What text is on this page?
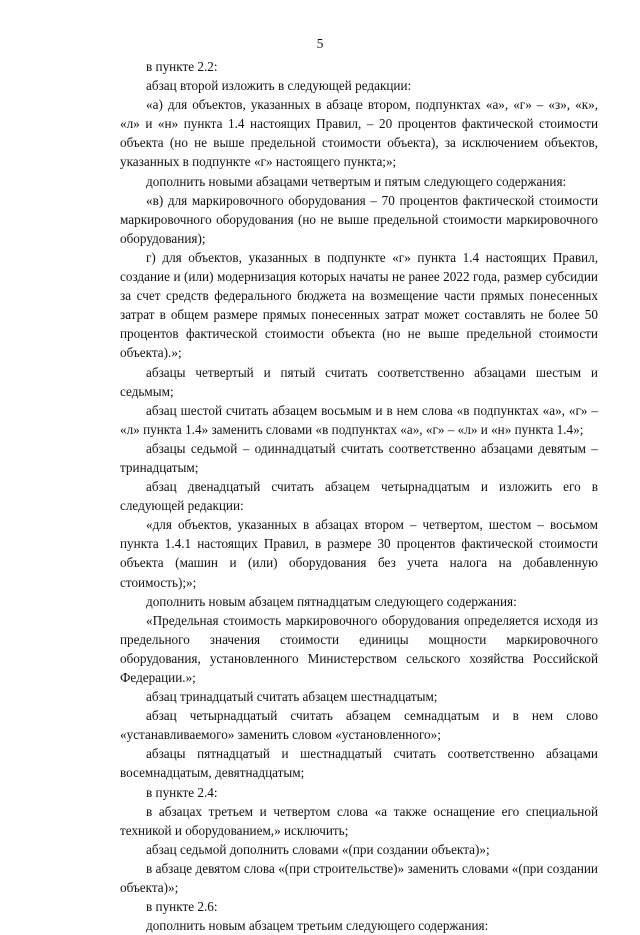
5

в пункте 2.2:

абзац второй изложить в следующей редакции:

«а) для объектов, указанных в абзаце втором, подпунктах «а», «г» – «з», «к», «л» и «н» пункта 1.4 настоящих Правил, – 20 процентов фактической стоимости объекта (но не выше предельной стоимости объекта), за исключением объектов, указанных в подпункте «г» настоящего пункта;»;

дополнить новыми абзацами четвертым и пятым следующего содержания:

«в) для маркировочного оборудования – 70 процентов фактической стоимости маркировочного оборудования (но не выше предельной стоимости маркировочного оборудования);

г) для объектов, указанных в подпункте «г» пункта 1.4 настоящих Правил, создание и (или) модернизация которых начаты не ранее 2022 года, размер субсидии за счет средств федерального бюджета на возмещение части прямых понесенных затрат в общем размере прямых понесенных затрат может составлять не более 50 процентов фактической стоимости объекта (но не выше предельной стоимости объекта).»;

абзацы четвертый и пятый считать соответственно абзацами шестым и седьмым;

абзац шестой считать абзацем восьмым и в нем слова «в подпунктах «а», «г» – «л» пункта 1.4» заменить словами «в подпунктах «а», «г» – «л» и «н» пункта 1.4»;

абзацы седьмой – одиннадцатый считать соответственно абзацами девятым – тринадцатым;

абзац двенадцатый считать абзацем четырнадцатым и изложить его в следующей редакции:

«для объектов, указанных в абзацах втором – четвертом, шестом – восьмом пункта 1.4.1 настоящих Правил, в размере 30 процентов фактической стоимости объекта (машин и (или) оборудования без учета налога на добавленную стоимость);»;

дополнить новым абзацем пятнадцатым следующего содержания:

«Предельная стоимость маркировочного оборудования определяется исходя из предельного значения стоимости единицы мощности маркировочного оборудования, установленного Министерством сельского хозяйства Российской Федерации.»;

абзац тринадцатый считать абзацем шестнадцатым;

абзац четырнадцатый считать абзацем семнадцатым и в нем слово «устанавливаемого» заменить словом «установленного»;

абзацы пятнадцатый и шестнадцатый считать соответственно абзацами восемнадцатым, девятнадцатым;

в пункте 2.4:

в абзацах третьем и четвертом слова «а также оснащение его специальной техникой и оборудованием,» исключить;

абзац седьмой дополнить словами «(при создании объекта)»;

в абзаце девятом слова «(при строительстве)» заменить словами «(при создании объекта)»;

в пункте 2.6:

дополнить новым абзацем третьим следующего содержания:
